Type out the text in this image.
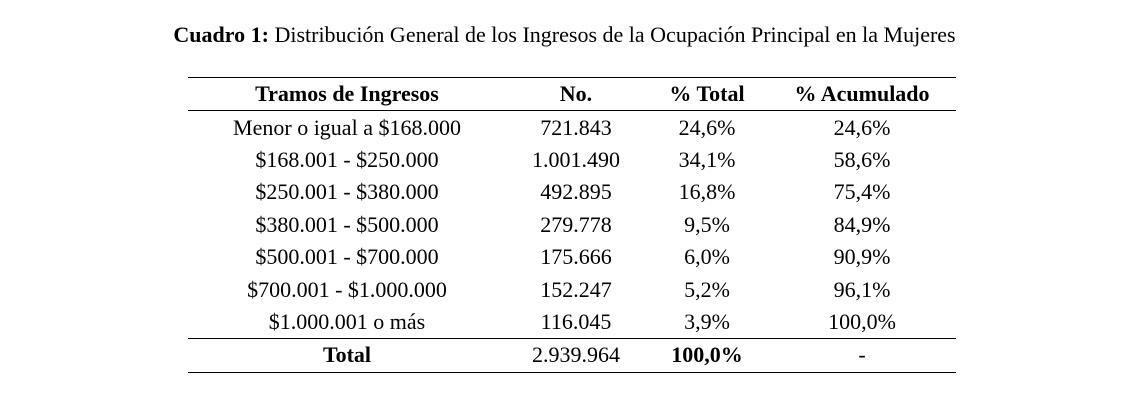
Cuadro 1: Distribución General de los Ingresos de la Ocupación Principal en la Mujeres
Tramos de Ingresos	No.	% Total	% Acumulado
Menor o igual a $168.000	721.843	24,6%	24,6%
$168.001 - $250.000	1.001.490	34,1%	58,6%
$250.001 - $380.000	492.895	16,8%	75,4%
$380.001 - $500.000	279.778	9,5%	84,9%
$500.001 - $700.000	175.666	6,0%	90,9%
$700.001 - $1.000.000	152.247	5,2%	96,1%
$1.000.001 o más	116.045	3,9%	100,0%
Total	2.939.964	100,0%	-
